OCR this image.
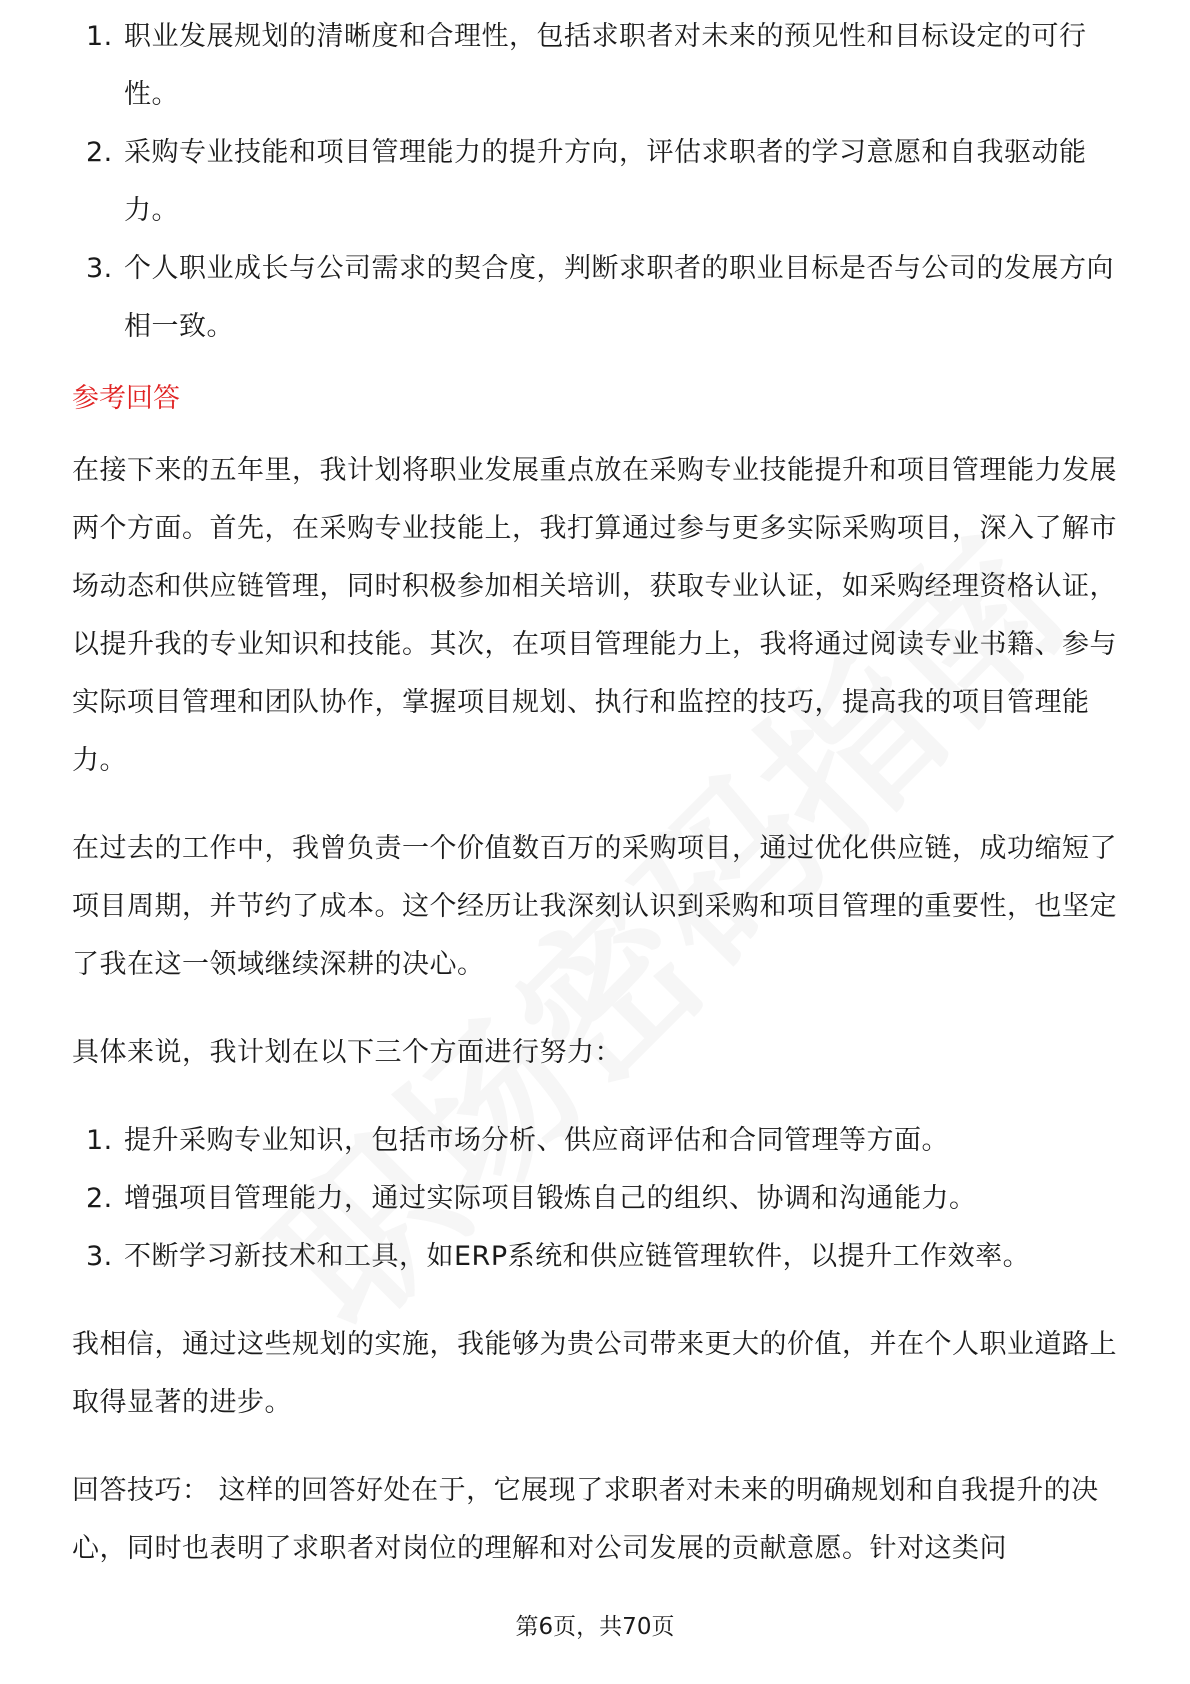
1. 职业发展规划的清晰度和合理性，包括求职者对未来的预见性和目标设定的可行性。
2. 采购专业技能和项目管理能力的提升方向，评估求职者的学习意愿和自我驱动能力。
3. 个人职业成长与公司需求的契合度，判断求职者的职业目标是否与公司的发展方向相一致。
参考回答

在接下来的五年里，我计划将职业发展重点放在采购专业技能提升和项目管理能力发展两个方面。首先，在采购专业技能上，我打算通过参与更多实际采购项目，深入了解市场动态和供应链管理，同时积极参加相关培训，获取专业认证，如采购经理资格认证，以提升我的专业知识和技能。其次，在项目管理能力上，我将通过阅读专业书籍、参与实际项目管理和团队协作，掌握项目规划、执行和监控的技巧，提高我的项目管理能力。

在过去的工作中，我曾负责一个价值数百万的采购项目，通过优化供应链，成功缩短了项目周期，并节约了成本。这个经历让我深刻认识到采购和项目管理的重要性，也坚定了我在这一领域继续深耕的决心。

具体来说，我计划在以下三个方面进行努力：

1. 提升采购专业知识，包括市场分析、供应商评估和合同管理等方面。
2. 增强项目管理能力，通过实际项目锻炼自己的组织、协调和沟通能力。
3. 不断学习新技术和工具，如ERP系统和供应链管理软件，以提升工作效率。

我相信，通过这些规划的实施，我能够为贵公司带来更大的价值，并在个人职业道路上取得显著的进步。

回答技巧： 这样的回答好处在于，它展现了求职者对未来的明确规划和自我提升的决心，同时也表明了求职者对岗位的理解和对公司发展的贡献意愿。针对这类问

第6页，共70页
